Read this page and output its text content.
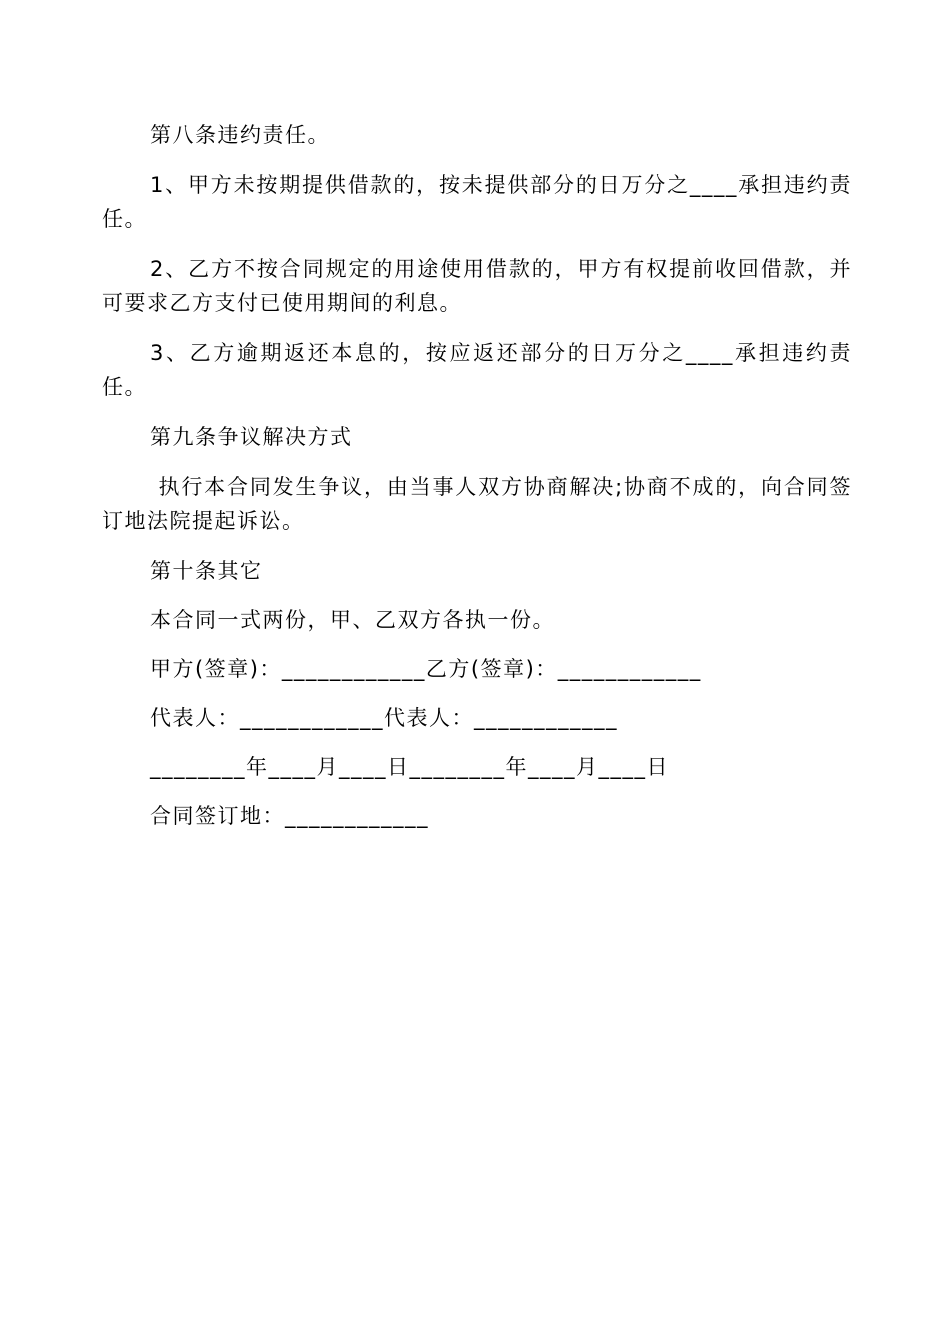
第八条违约责任。

1、甲方未按期提供借款的，按未提供部分的日万分之____承担违约责任。

2、乙方不按合同规定的用途使用借款的，甲方有权提前收回借款，并可要求乙方支付已使用期间的利息。

3、乙方逾期返还本息的，按应返还部分的日万分之____承担违约责任。

第九条争议解决方式

执行本合同发生争议，由当事人双方协商解决;协商不成的，向合同签订地法院提起诉讼。

第十条其它

本合同一式两份，甲、乙双方各执一份。

甲方(签章)：____________乙方(签章)：____________

代表人：____________代表人：____________

________年____月____日________年____月____日

合同签订地：____________
